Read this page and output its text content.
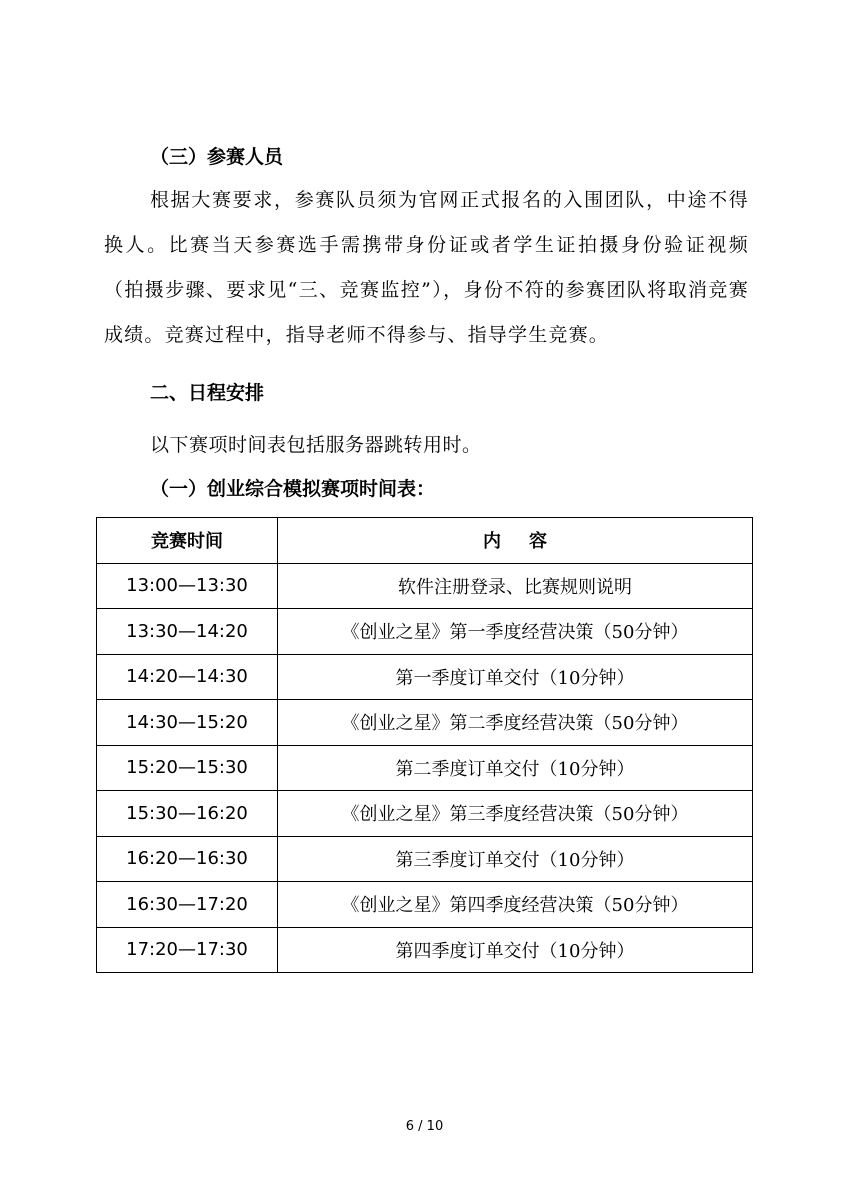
（三）参赛人员
根据大赛要求，参赛队员须为官网正式报名的入围团队，中途不得换人。比赛当天参赛选手需携带身份证或者学生证拍摄身份验证视频（拍摄步骤、要求见“三、竞赛监控”），身份不符的参赛团队将取消竞赛成绩。竞赛过程中，指导老师不得参与、指导学生竞赛。
二、日程安排
以下赛项时间表包括服务器跳转用时。
（一）创业综合模拟赛项时间表：
竞赛时间	内容
13:00—13:30	软件注册登录、比赛规则说明
13:30—14:20	《创业之星》第一季度经营决策（50分钟）
14:20—14:30	第一季度订单交付（10分钟）
14:30—15:20	《创业之星》第二季度经营决策（50分钟）
15:20—15:30	第二季度订单交付（10分钟）
15:30—16:20	《创业之星》第三季度经营决策（50分钟）
16:20—16:30	第三季度订单交付（10分钟）
16:30—17:20	《创业之星》第四季度经营决策（50分钟）
17:20—17:30	第四季度订单交付（10分钟）
6 / 10
